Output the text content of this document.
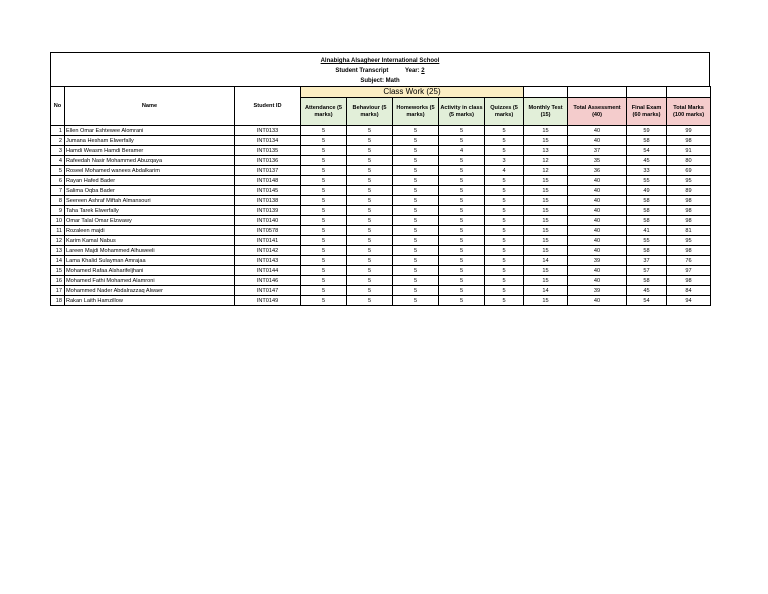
Alnabigha Alsagheer International School
Student Transcript	Year: 2
Subject: Math
No	Name	Student ID	Class Work (25)								
			Attendance (5 marks)	Behaviour (5 marks)	Homeworks (5 marks)	Activity in class (5 marks)	Quizzes (5 marks)	Monthly Test (15)	Total Assessment (40)	Final Exam (60 marks)	Total Marks (100 marks)
1	Ellen Omar Eshtewee Alomrani	INT0133	5	5	5	5	5	15	40	59	99
2	Jumana Hesham Elwerfally	INT0134	5	5	5	5	5	15	40	58	98
3	Hamdi Weasm Hamdi Beramer	INT0135	5	5	5	4	5	13	37	54	91
4	Rafeedah Nasir Mohammed Abuzqaya	INT0136	5	5	5	5	3	12	35	45	80
5	Roseel Mohamed wanees Abdalkarim	INT0137	5	5	5	5	4	12	36	33	69
6	Rayan Hafed Bader	INT0148	5	5	5	5	5	15	40	55	95
7	Salima Oqba Bader	INT0145	5	5	5	5	5	15	40	49	89
8	Seereen Ashraf Miftah Almansouri	INT0138	5	5	5	5	5	15	40	58	98
9	Taha Tarek Elwerfally	INT0139	5	5	5	5	5	15	40	58	98
10	Omar Talal Omar Elzwawy	INT0140	5	5	5	5	5	15	40	58	98
11	Rozaleen majdi	INT0578	5	5	5	5	5	15	40	41	81
12	Karim Kamal Nabus	INT0141	5	5	5	5	5	15	40	55	95
13	Lareen Majdi Mohammed Alhuweeli	INT0142	5	5	5	5	5	15	40	58	98
14	Lama Khalid Sulayman Amrajaa	INT0143	5	5	5	5	5	14	39	37	76
15	Mohamed Rafaa Alsharifeljhani	INT0144	5	5	5	5	5	15	40	57	97
16	Mohamed Fathi Mohamed Alamroni	INT0146	5	5	5	5	5	15	40	58	98
17	Mohammed Nader Abdalrazzaq Alwaer	INT0147	5	5	5	5	5	14	39	45	84
18	Rakan Laith Hamzillow	INT0149	5	5	5	5	5	15	40	54	94
